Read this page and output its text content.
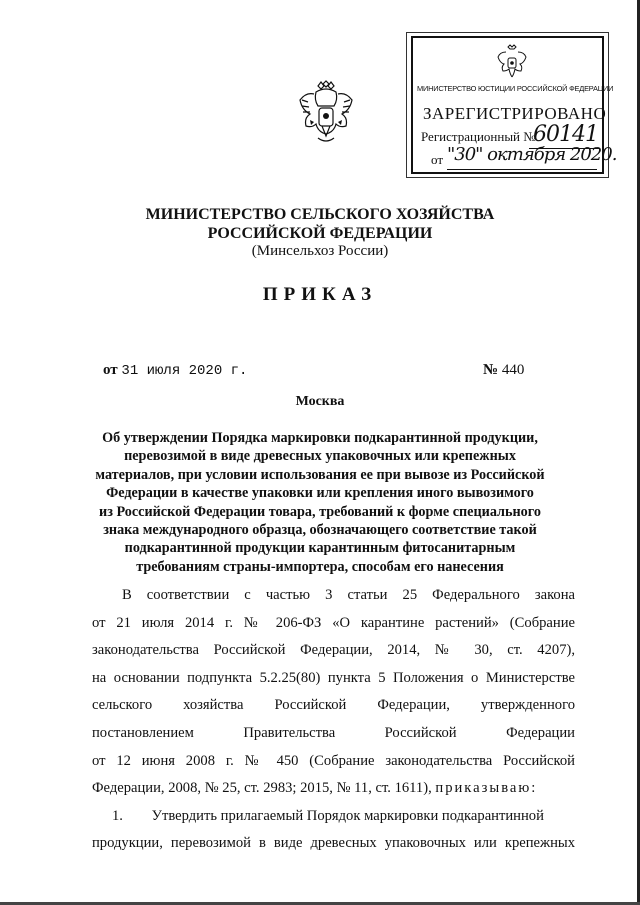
МИНИСТЕРСТВО ЮСТИЦИИ РОССИЙСКОЙ ФЕДЕРАЦИИ
ЗАРЕГИСТРИРОВАНО
Регистрационный №
60141
от "30" октября 2020.
МИНИСТЕРСТВО СЕЛЬСКОГО ХОЗЯЙСТВА
РОССИЙСКОЙ ФЕДЕРАЦИИ
(Минсельхоз России)
ПРИКАЗ
от 31 июля 2020 г.	№ 440
Москва
Об утверждении Порядка маркировки подкарантинной продукции,
перевозимой в виде древесных упаковочных или крепежных
материалов, при условии использования ее при вывозе из Российской
Федерации в качестве упаковки или крепления иного вывозимого
из Российской Федерации товара, требований к форме специального
знака международного образца, обозначающего соответствие такой
подкарантинной продукции карантинным фитосанитарным
требованиям страны-импортера, способам его нанесения
В соответствии с частью 3 статьи 25 Федерального закона
от 21 июля 2014 г. № 206-ФЗ «О карантине растений» (Собрание
законодательства Российской Федерации, 2014, № 30, ст. 4207),
на основании подпункта 5.2.25(80) пункта 5 Положения о Министерстве
сельского хозяйства Российской Федерации, утвержденного
постановлением Правительства Российской Федерации
от 12 июня 2008 г. № 450 (Собрание законодательства Российской
Федерации, 2008, № 25, ст. 2983; 2015, № 11, ст. 1611), приказываю:
1. Утвердить прилагаемый Порядок маркировки подкарантинной
продукции, перевозимой в виде древесных упаковочных или крепежных
